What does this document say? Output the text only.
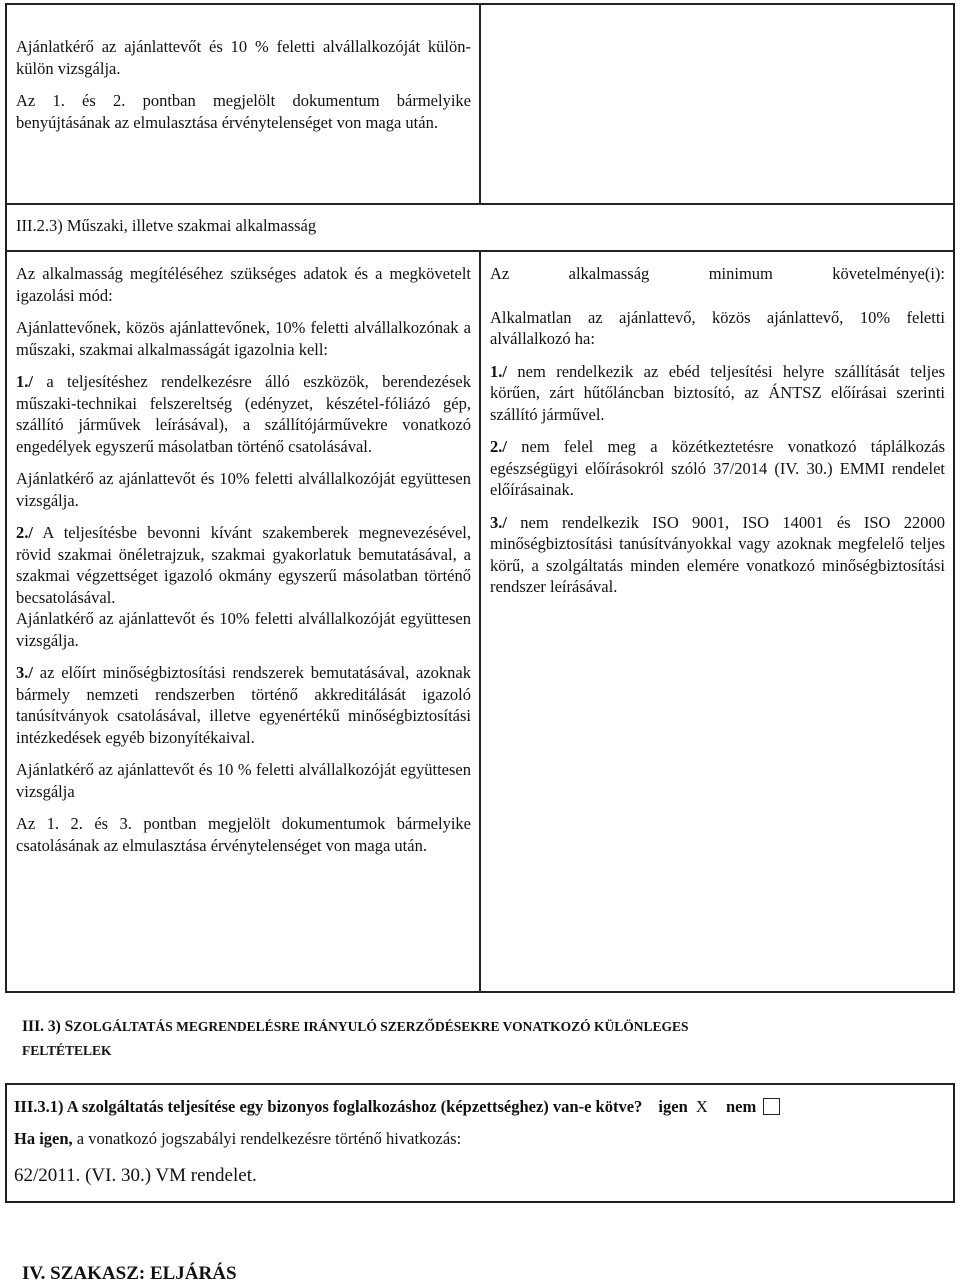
Ajánlatkérő az ajánlattevőt és 10 % feletti alvállalkozóját külön-külön vizsgálja.

Az 1. és 2. pontban megjelölt dokumentum bármelyike benyújtásának az elmulasztása érvénytelenséget von maga után.

III.2.3) Műszaki, illetve szakmai alkalmasság

Az alkalmasság megítéléséhez szükséges adatok és a megkövetelt igazolási mód:

Ajánlattevőnek, közös ajánlattevőnek, 10% feletti alvállalkozónak a műszaki, szakmai alkalmasságát igazolnia kell:

1./ a teljesítéshez rendelkezésre álló eszközök, berendezések műszaki-technikai felszereltség (edényzet, készétel-fóliázó gép, szállító járművek leírásával), a szállítójárművekre vonatkozó engedélyek egyszerű másolatban történő csatolásával.

Ajánlatkérő az ajánlattevőt és 10% feletti alvállalkozóját együttesen vizsgálja.

2./ A teljesítésbe bevonni kívánt szakemberek megnevezésével, rövid szakmai önéletrajzuk, szakmai gyakorlatuk bemutatásával, a szakmai végzettséget igazoló okmány egyszerű másolatban történő becsatolásával.

Ajánlatkérő az ajánlattevőt és 10% feletti alvállalkozóját együttesen vizsgálja.

3./ az előírt minőségbiztosítási rendszerek bemutatásával, azoknak bármely nemzeti rendszerben történő akkreditálását igazoló tanúsítványok csatolásával, illetve egyenértékű minőségbiztosítási intézkedések egyéb bizonyítékaival.

Ajánlatkérő az ajánlattevőt és 10 % feletti alvállalkozóját együttesen vizsgálja

Az 1. 2. és 3. pontban megjelölt dokumentumok bármelyike csatolásának az elmulasztása érvénytelenséget von maga után.

Az alkalmasság minimum követelménye(i):

Alkalmatlan az ajánlattevő, közös ajánlattevő, 10% feletti alvállalkozó ha:

1./ nem rendelkezik az ebéd teljesítési helyre szállítását teljes körűen, zárt hűtőláncban biztosító, az ÁNTSZ előírásai szerinti szállító járművel.

2./ nem felel meg a közétkeztetésre vonatkozó táplálkozás egészségügyi előírásokról szóló 37/2014 (IV. 30.) EMMI rendelet előírásainak.

3./ nem rendelkezik ISO 9001, ISO 14001 és ISO 22000 minőségbiztosítási tanúsítványokkal vagy azoknak megfelelő teljes körű, a szolgáltatás minden elemére vonatkozó minőségbiztosítási rendszer leírásával.

III. 3) SZOLGÁLTATÁS MEGRENDELÉSRE IRÁNYULÓ SZERZŐDÉSEKRE VONATKOZÓ KÜLÖNLEGES
FELTÉTELEK
III.3.1) A szolgáltatás teljesítése egy bizonyos foglalkozáshoz (képzettséghez) van-e kötve? igen X nem
Ha igen, a vonatkozó jogszabályi rendelkezésre történő hivatkozás:
62/2011. (VI. 30.) VM rendelet.
IV. SZAKASZ: ELJÁRÁS
